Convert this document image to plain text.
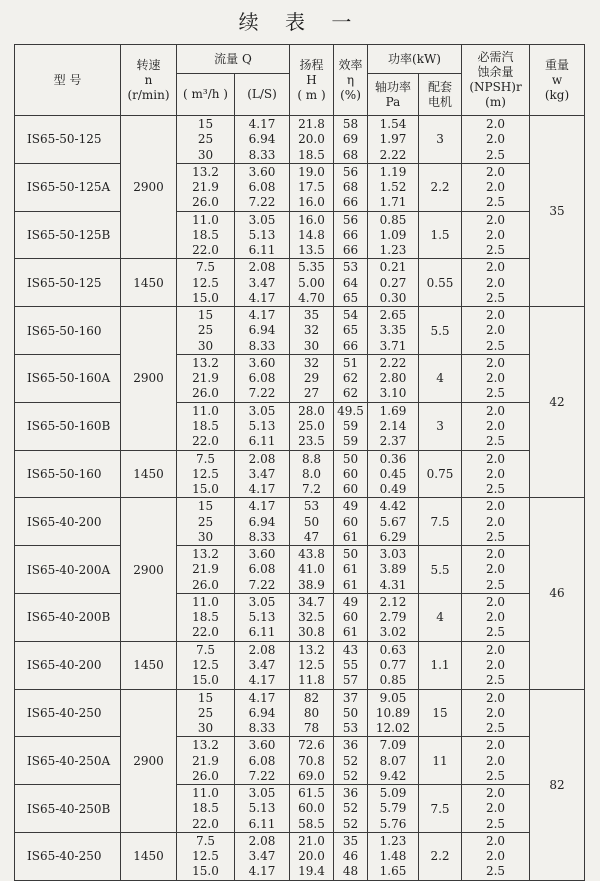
续 表 一
型 号	转速
n
(r/min)	流量 Q		扬程
H
( m )	效率
η
(%)	功率(kW)		必需汽
蚀余量
(NPSH)r
(m)	重量
w
(kg)
		( m³/h )	(L/S)			轴功率
Pa	配套
电机		
IS65-50-125	2900	15
25
30	4.17
6.94
8.33	21.8
20.0
18.5	58
69
68	1.54
1.97
2.22	3	2.0
2.0
2.5	35
IS65-50-125A		13.2
21.9
26.0	3.60
6.08
7.22	19.0
17.5
16.0	56
68
66	1.19
1.52
1.71	2.2	2.0
2.0
2.5	

IS65-50-125B		11.0
18.5
22.0	3.05
5.13
6.11	16.0
14.8
13.5	56
66
66	0.85
1.09
1.23	1.5	2.0
2.0
2.5	

IS65-50-125	1450	7.5
12.5
15.0	2.08
3.47
4.17	5.35
5.00
4.70	53
64
65	0.21
0.27
0.30	0.55	2.0
2.0
2.5	

IS65-50-160	2900	15
25
30	4.17
6.94
8.33	35
32
30	54
65
66	2.65
3.35
3.71	5.5	2.0
2.0
2.5	42
IS65-50-160A		13.2
21.9
26.0	3.60
6.08
7.22	32
29
27	51
62
62	2.22
2.80
3.10	4	2.0
2.0
2.5	

IS65-50-160B		11.0
18.5
22.0	3.05
5.13
6.11	28.0
25.0
23.5	49.5
59
59	1.69
2.14
2.37	3	2.0
2.0
2.5	

IS65-50-160	1450	7.5
12.5
15.0	2.08
3.47
4.17	8.8
8.0
7.2	50
60
60	0.36
0.45
0.49	0.75	2.0
2.0
2.5	

IS65-40-200	2900	15
25
30	4.17
6.94
8.33	53
50
47	49
60
61	4.42
5.67
6.29	7.5	2.0
2.0
2.5	46
IS65-40-200A		13.2
21.9
26.0	3.60
6.08
7.22	43.8
41.0
38.9	50
61
61	3.03
3.89
4.31	5.5	2.0
2.0
2.5	

IS65-40-200B		11.0
18.5
22.0	3.05
5.13
6.11	34.7
32.5
30.8	49
60
61	2.12
2.79
3.02	4	2.0
2.0
2.5	

IS65-40-200	1450	7.5
12.5
15.0	2.08
3.47
4.17	13.2
12.5
11.8	43
55
57	0.63
0.77
0.85	1.1	2.0
2.0
2.5	

IS65-40-250	2900	15
25
30	4.17
6.94
8.33	82
80
78	37
50
53	9.05
10.89
12.02	15	2.0
2.0
2.5	82
IS65-40-250A		13.2
21.9
26.0	3.60
6.08
7.22	72.6
70.8
69.0	36
52
52	7.09
8.07
9.42	11	2.0
2.0
2.5	

IS65-40-250B		11.0
18.5
22.0	3.05
5.13
6.11	61.5
60.0
58.5	36
52
52	5.09
5.79
5.76	7.5	2.0
2.0
2.5	

IS65-40-250	1450	7.5
12.5
15.0	2.08
3.47
4.17	21.0
20.0
19.4	35
46
48	1.23
1.48
1.65	2.2	2.0
2.0
2.5	
